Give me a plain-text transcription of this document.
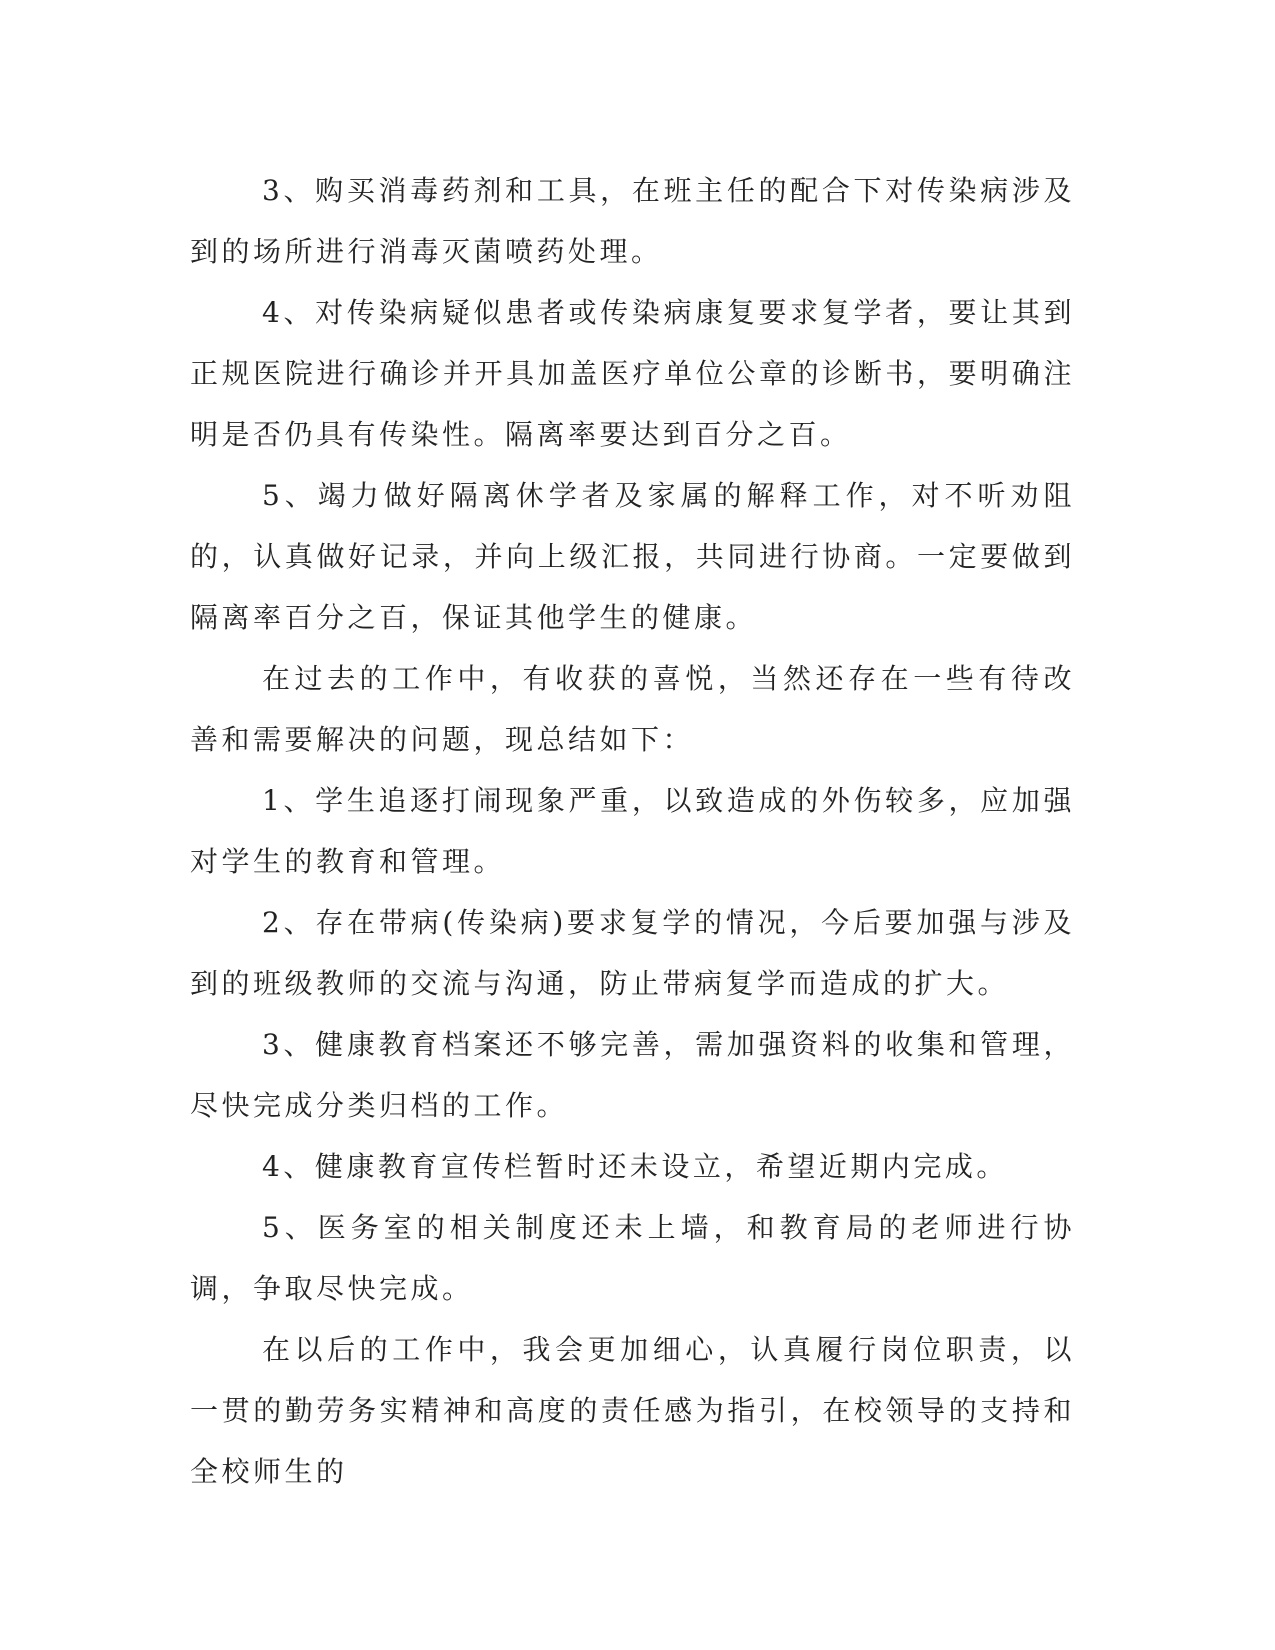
3、购买消毒药剂和工具，在班主任的配合下对传染病涉及到的场所进行消毒灭菌喷药处理。

4、对传染病疑似患者或传染病康复要求复学者，要让其到正规医院进行确诊并开具加盖医疗单位公章的诊断书，要明确注明是否仍具有传染性。隔离率要达到百分之百。

5、竭力做好隔离休学者及家属的解释工作，对不听劝阻的，认真做好记录，并向上级汇报，共同进行协商。一定要做到隔离率百分之百，保证其他学生的健康。

在过去的工作中，有收获的喜悦，当然还存在一些有待改善和需要解决的问题，现总结如下：

1、学生追逐打闹现象严重，以致造成的外伤较多，应加强对学生的教育和管理。

2、存在带病(传染病)要求复学的情况，今后要加强与涉及到的班级教师的交流与沟通，防止带病复学而造成的扩大。

3、健康教育档案还不够完善，需加强资料的收集和管理，尽快完成分类归档的工作。

4、健康教育宣传栏暂时还未设立，希望近期内完成。

5、医务室的相关制度还未上墙，和教育局的老师进行协调，争取尽快完成。

在以后的工作中，我会更加细心，认真履行岗位职责，以一贯的勤劳务实精神和高度的责任感为指引，在校领导的支持和全校师生的
